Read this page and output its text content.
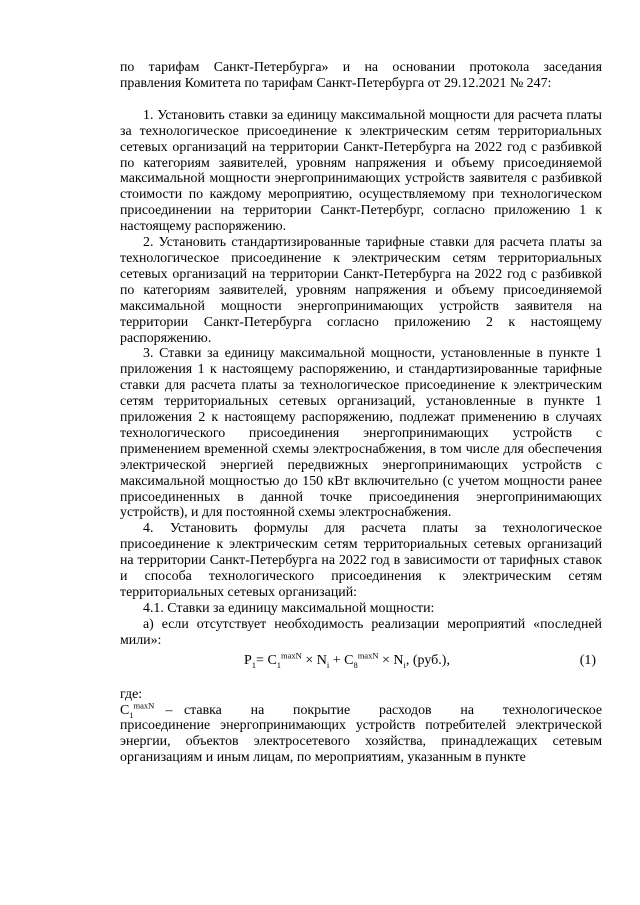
по тарифам Санкт-Петербурга» и на основании протокола заседания

правления Комитета по тарифам Санкт-Петербурга от 29.12.2021 № 247:

1. Установить ставки за единицу максимальной мощности для расчета платы за технологическое присоединение к электрическим сетям территориальных сетевых организаций на территории Санкт-Петербурга на 2022 год с разбивкой по категориям заявителей, уровням напряжения и объему присоединяемой максимальной мощности энергопринимающих устройств заявителя с разбивкой стоимости по каждому мероприятию, осуществляемому при технологическом присоединении на территории Санкт-Петербург, согласно приложению 1 к настоящему распоряжению.

2. Установить стандартизированные тарифные ставки для расчета платы за технологическое присоединение к электрическим сетям территориальных сетевых организаций на территории Санкт-Петербурга на 2022 год с разбивкой по категориям заявителей, уровням напряжения и объему присоединяемой максимальной мощности энергопринимающих устройств заявителя на территории Санкт-Петербурга согласно приложению 2 к настоящему распоряжению.

3. Ставки за единицу максимальной мощности, установленные в пункте 1 приложения 1 к настоящему распоряжению, и стандартизированные тарифные ставки для расчета платы за технологическое присоединение к электрическим сетям территориальных сетевых организаций, установленные в пункте 1 приложения 2 к настоящему распоряжению, подлежат применению в случаях технологического присоединения энергопринимающих устройств с применением временной схемы электроснабжения, в том числе для обеспечения электрической энергией передвижных энергопринимающих устройств с максимальной мощностью до 150 кВт включительно (с учетом мощности ранее присоединенных в данной точке присоединения энергопринимающих устройств), и для постоянной схемы электроснабжения.

4. Установить формулы для расчета платы за технологическое присоединение к электрическим сетям территориальных сетевых организаций на территории Санкт-Петербурга на 2022 год в зависимости от тарифных ставок и способа технологического присоединения к электрическим сетям территориальных сетевых организаций:

4.1. Ставки за единицу максимальной мощности:

а) если отсутствует необходимость реализации мероприятий «последней мили»:

$P_1= C_1^{maxN} \times N_i + C_8^{maxN} \times N_i$, (руб.),	(1)

где:

$C_1^{maxN}$ – ставка на покрытие расходов на технологическое

присоединение энергопринимающих устройств потребителей электрической энергии, объектов электросетевого хозяйства, принадлежащих сетевым организациям и иным лицам, по мероприятиям, указанным в пункте
